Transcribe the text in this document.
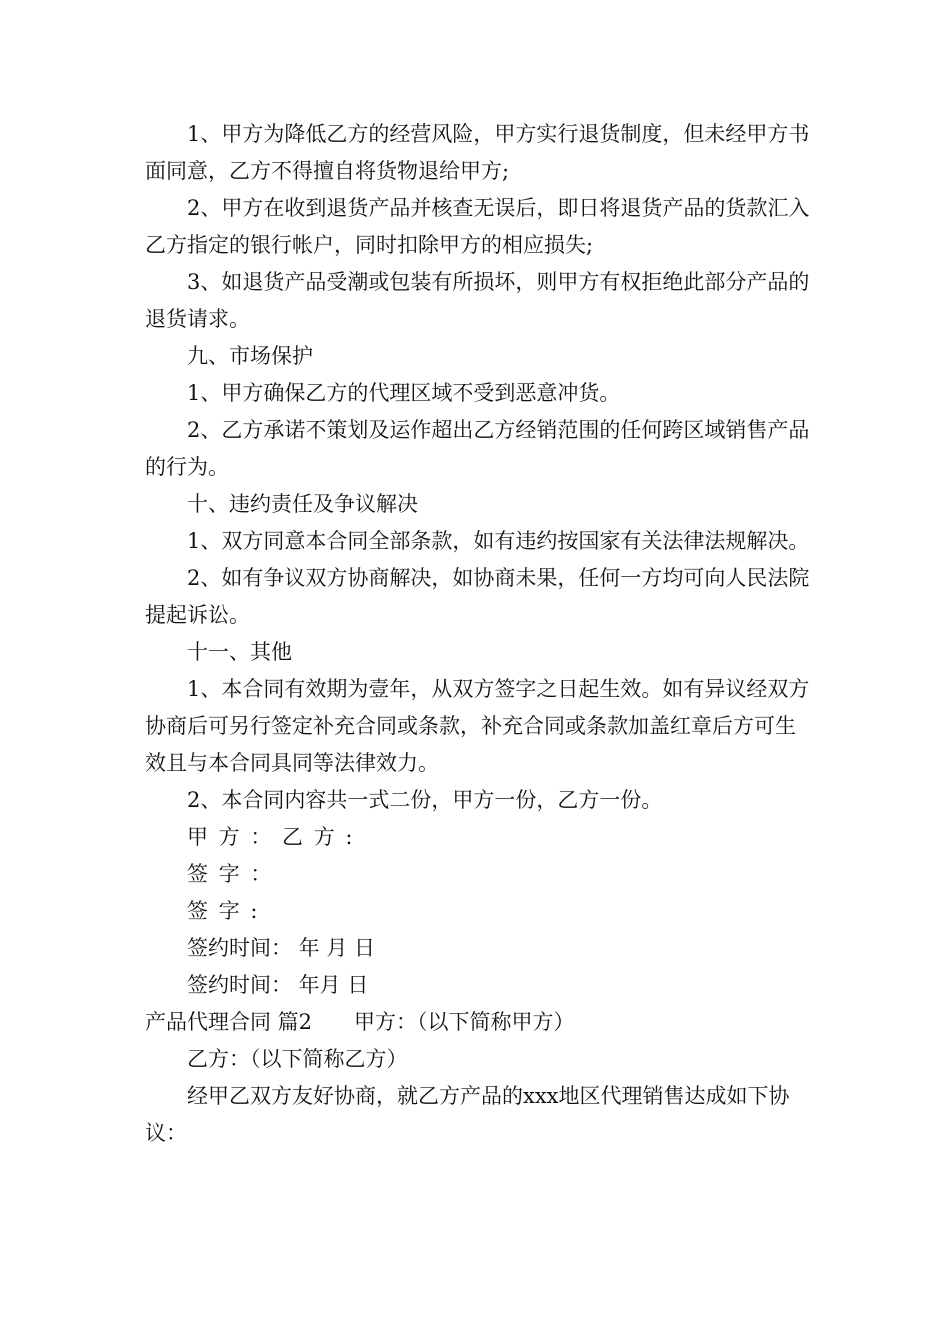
1、甲方为降低乙方的经营风险，甲方实行退货制度，但未经甲方书面同意，乙方不得擅自将货物退给甲方;

2、甲方在收到退货产品并核查无误后，即日将退货产品的货款汇入乙方指定的银行帐户，同时扣除甲方的相应损失;

3、如退货产品受潮或包装有所损坏，则甲方有权拒绝此部分产品的退货请求。

九、市场保护

1、甲方确保乙方的代理区域不受到恶意冲货。

2、乙方承诺不策划及运作超出乙方经销范围的任何跨区域销售产品的行为。

十、违约责任及争议解决

1、双方同意本合同全部条款，如有违约按国家有关法律法规解决。

2、如有争议双方协商解决，如协商未果，任何一方均可向人民法院提起诉讼。

十一、其他

1、本合同有效期为壹年，从双方签字之日起生效。如有异议经双方协商后可另行签定补充合同或条款，补充合同或条款加盖红章后方可生效且与本合同具同等法律效力。

2、本合同内容共一式二份，甲方一份，乙方一份。

甲 方 ： 乙 方 :

签 字 ：

签 字 :

签约时间： 年 月 日

签约时间： 年月 日

产品代理合同 篇2　　甲方：（以下简称甲方）

乙方：（以下简称乙方）

经甲乙双方友好协商，就乙方产品的xxx地区代理销售达成如下协议：
